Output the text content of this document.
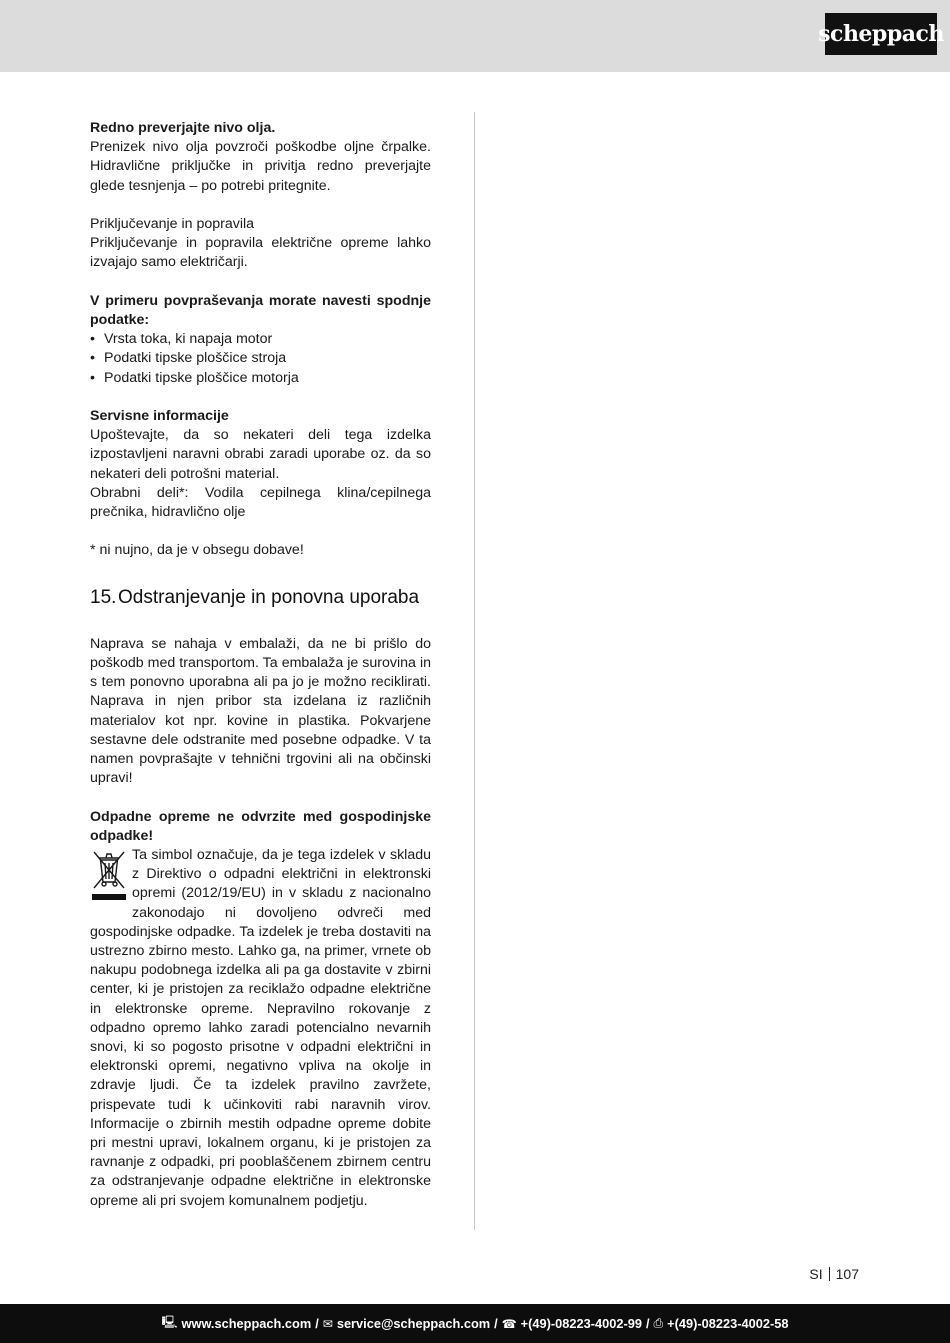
scheppach

Redno preverjajte nivo olja.

Prenizek nivo olja povzroči poškodbe oljne črpalke. Hidravlične priključke in privitja redno preverjajte glede tesnjenja – po potrebi pritegnite.

Priključevanje in popravila

Priključevanje in popravila električne opreme lahko izvajajo samo električarji.

V primeru povpraševanja morate navesti spodnje podatke:

• Vrsta toka, ki napaja motor
• Podatki tipske ploščice stroja
• Podatki tipske ploščice motorja

Servisne informacije

Upoštevajte, da so nekateri deli tega izdelka izpostavljeni naravni obrabi zaradi uporabe oz. da so nekateri deli potrošni material.

Obrabni deli*: Vodila cepilnega klina/cepilnega prečnika, hidravlično olje

* ni nujno, da je v obsegu dobave!

15. Odstranjevanje in ponovna uporaba

Naprava se nahaja v embalaži, da ne bi prišlo do poškodb med transportom. Ta embalaža je surovina in s tem ponovno uporabna ali pa jo je možno reciklirati. Naprava in njen pribor sta izdelana iz različnih materialov kot npr. kovine in plastika. Pokvarjene sestavne dele odstranite med posebne odpadke. V ta namen povprašajte v tehnični trgovini ali na občinski upravi!

Odpadne opreme ne odvrzite med gospodinjske odpadke!

Ta simbol označuje, da je tega izdelek v skladu z Direktivo o odpadni električni in elektronski opremi (2012/19/EU) in v skladu z nacionalno zakonodajo ni dovoljeno odvreči med gospodinjske odpadke. Ta izdelek je treba dostaviti na ustrezno zbirno mesto. Lahko ga, na primer, vrnete ob nakupu podobnega izdelka ali pa ga dostavite v zbirni center, ki je pristojen za reciklažo odpadne električne in elektronske opreme. Nepravilno rokovanje z odpadno opremo lahko zaradi potencialno nevarnih snovi, ki so pogosto prisotne v odpadni električni in elektronski opremi, negativno vpliva na okolje in zdravje ljudi. Če ta izdelek pravilno zavržete, prispevate tudi k učinkoviti rabi naravnih virov. Informacije o zbirnih mestih odpadne opreme dobite pri mestni upravi, lokalnem organu, ki je pristojen za ravnanje z odpadki, pri pooblaščenem zbirnem centru za odstranjevanje odpadne električne in elektronske opreme ali pri svojem komunalnem podjetju.

SI 107
🖳 www.scheppach.com / ✉ service@scheppach.com / ☎ +(49)-08223-4002-99 / ⎙ +(49)-08223-4002-58
